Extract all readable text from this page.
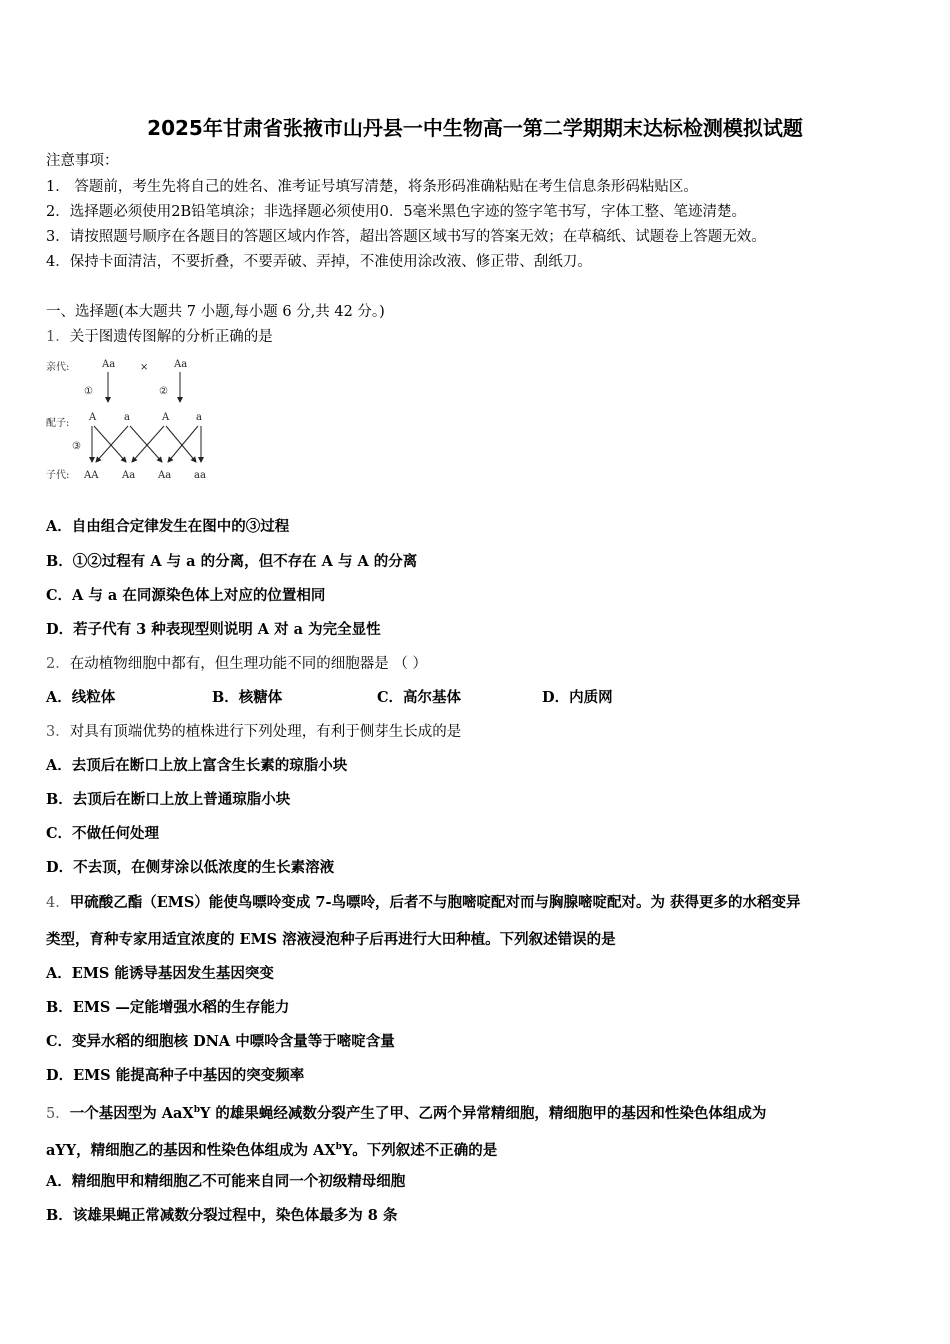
2025年甘肃省张掖市山丹县一中生物高一第二学期期末达标检测模拟试题
注意事项：
1． 答题前，考生先将自己的姓名、准考证号填写清楚，将条形码准确粘贴在考生信息条形码粘贴区。
2．选择题必须使用2B铅笔填涂；非选择题必须使用0．5毫米黑色字迹的签字笔书写，字体工整、笔迹清楚。
3．请按照题号顺序在各题目的答题区域内作答，超出答题区域书写的答案无效；在草稿纸、试题卷上答题无效。
4．保持卡面清洁，不要折叠，不要弄破、弄掉，不准使用涂改液、修正带、刮纸刀。
一、选择题(本大题共 7 小题,每小题 6 分,共 42 分。)
1．关于图遗传图解的分析正确的是
亲代:
配子:
子代:
Aa ×	Aa
①	②
③
A	a	A	a
AA Aa Aa aa
A．自由组合定律发生在图中的③过程
B．①②过程有 A 与 a 的分离，但不存在 A 与 A 的分离
C．A 与 a 在同源染色体上对应的位置相同
D．若子代有 3 种表现型则说明 A 对 a 为完全显性
2．在动植物细胞中都有，但生理功能不同的细胞器是 （ ）
A．线粒体	B．核糖体	C．高尔基体	D．内质网
3．对具有顶端优势的植株进行下列处理，有利于侧芽生长成的是
A．去顶后在断口上放上富含生长素的琼脂小块
B．去顶后在断口上放上普通琼脂小块
C．不做任何处理
D．不去顶，在侧芽涂以低浓度的生长素溶液
4．甲硫酸乙酯（EMS）能使鸟嘌呤变成 7-鸟嘌呤，后者不与胞嘧啶配对而与胸腺嘧啶配对。为 获得更多的水稻变异
类型，育种专家用适宜浓度的 EMS 溶液浸泡种子后再进行大田种植。下列叙述错误的是
A．EMS 能诱导基因发生基因突变
B．EMS —定能增强水稻的生存能力
C．变异水稻的细胞核 DNA 中嘌呤含量等于嘧啶含量
D．EMS 能提高种子中基因的突变频率
5．一个基因型为 AaX$^b$Y 的雄果蝇经减数分裂产生了甲、乙两个异常精细胞，精细胞甲的基因和性染色体组成为
aYY，精细胞乙的基因和性染色体组成为 $AX^bY$。下列叙述不正确的是
A．精细胞甲和精细胞乙不可能来自同一个初级精母细胞
B．该雄果蝇正常减数分裂过程中，染色体最多为 8 条
